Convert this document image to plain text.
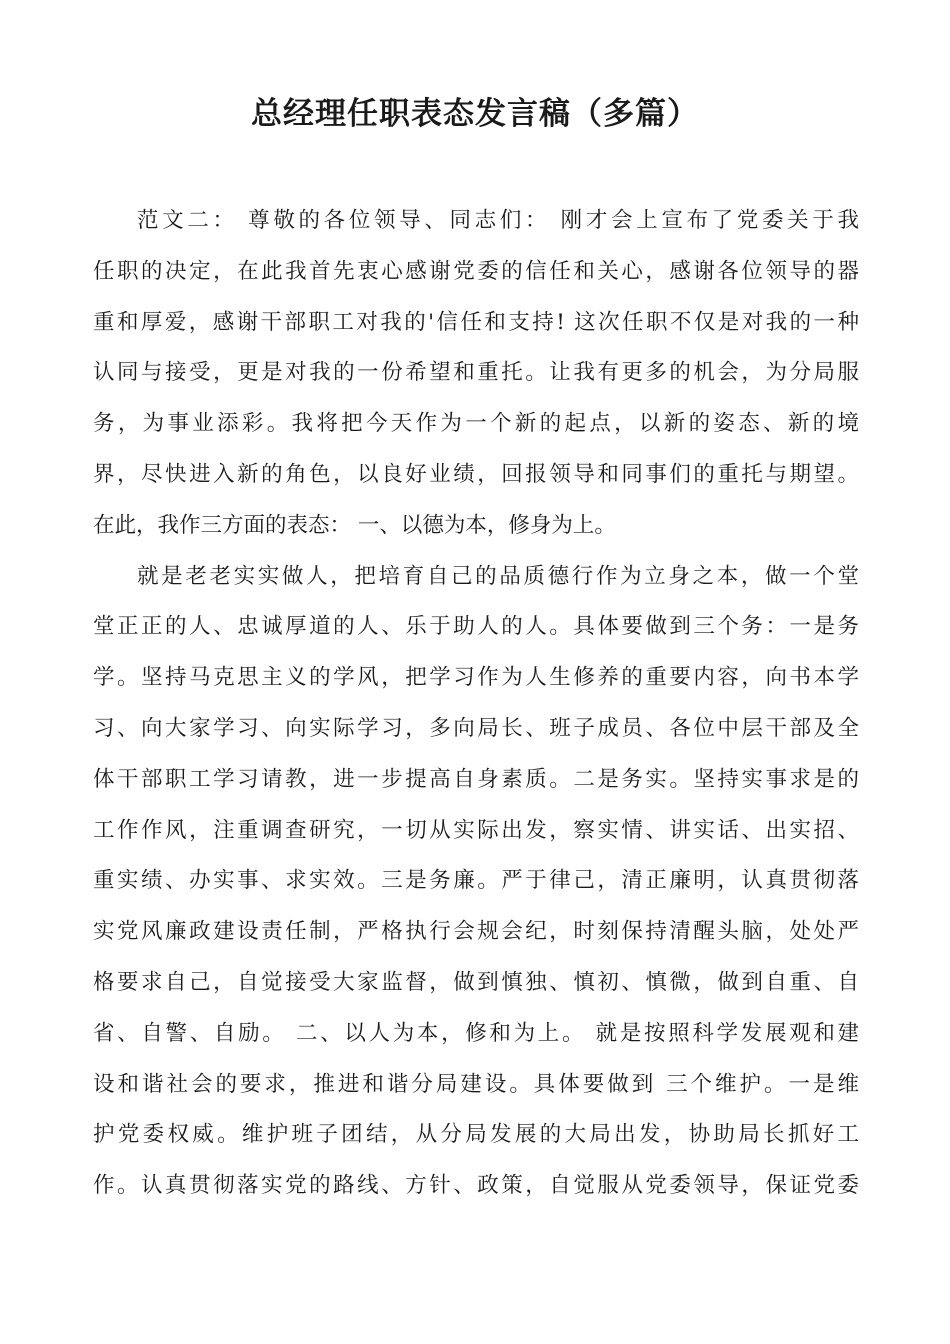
总经理任职表态发言稿（多篇）
范文二： 尊敬的各位领导、同志们： 刚才会上宣布了党委关于我
任职的决定，在此我首先衷心感谢党委的信任和关心，感谢各位领导的器
重和厚爱，感谢干部职工对我的'信任和支持! 这次任职不仅是对我的一种
认同与接受，更是对我的一份希望和重托。让我有更多的机会，为分局服
务，为事业添彩。我将把今天作为一个新的起点，以新的姿态、新的境
界，尽快进入新的角色，以良好业绩，回报领导和同事们的重托与期望。
在此，我作三方面的表态： 一、以德为本，修身为上。
就是老老实实做人，把培育自己的品质德行作为立身之本，做一个堂
堂正正的人、忠诚厚道的人、乐于助人的人。具体要做到三个务：一是务
学。坚持马克思主义的学风，把学习作为人生修养的重要内容，向书本学
习、向大家学习、向实际学习，多向局长、班子成员、各位中层干部及全
体干部职工学习请教，进一步提高自身素质。二是务实。坚持实事求是的
工作作风，注重调查研究，一切从实际出发，察实情、讲实话、出实招、
重实绩、办实事、求实效。三是务廉。严于律己，清正廉明，认真贯彻落
实党风廉政建设责任制，严格执行会规会纪，时刻保持清醒头脑，处处严
格要求自己，自觉接受大家监督，做到慎独、慎初、慎微，做到自重、自
省、自警、自励。 二、以人为本，修和为上。 就是按照科学发展观和建
设和谐社会的要求，推进和谐分局建设。具体要做到 三个维护。一是维
护党委权威。维护班子团结，从分局发展的大局出发，协助局长抓好工
作。认真贯彻落实党的路线、方针、政策，自觉服从党委领导，保证党委
